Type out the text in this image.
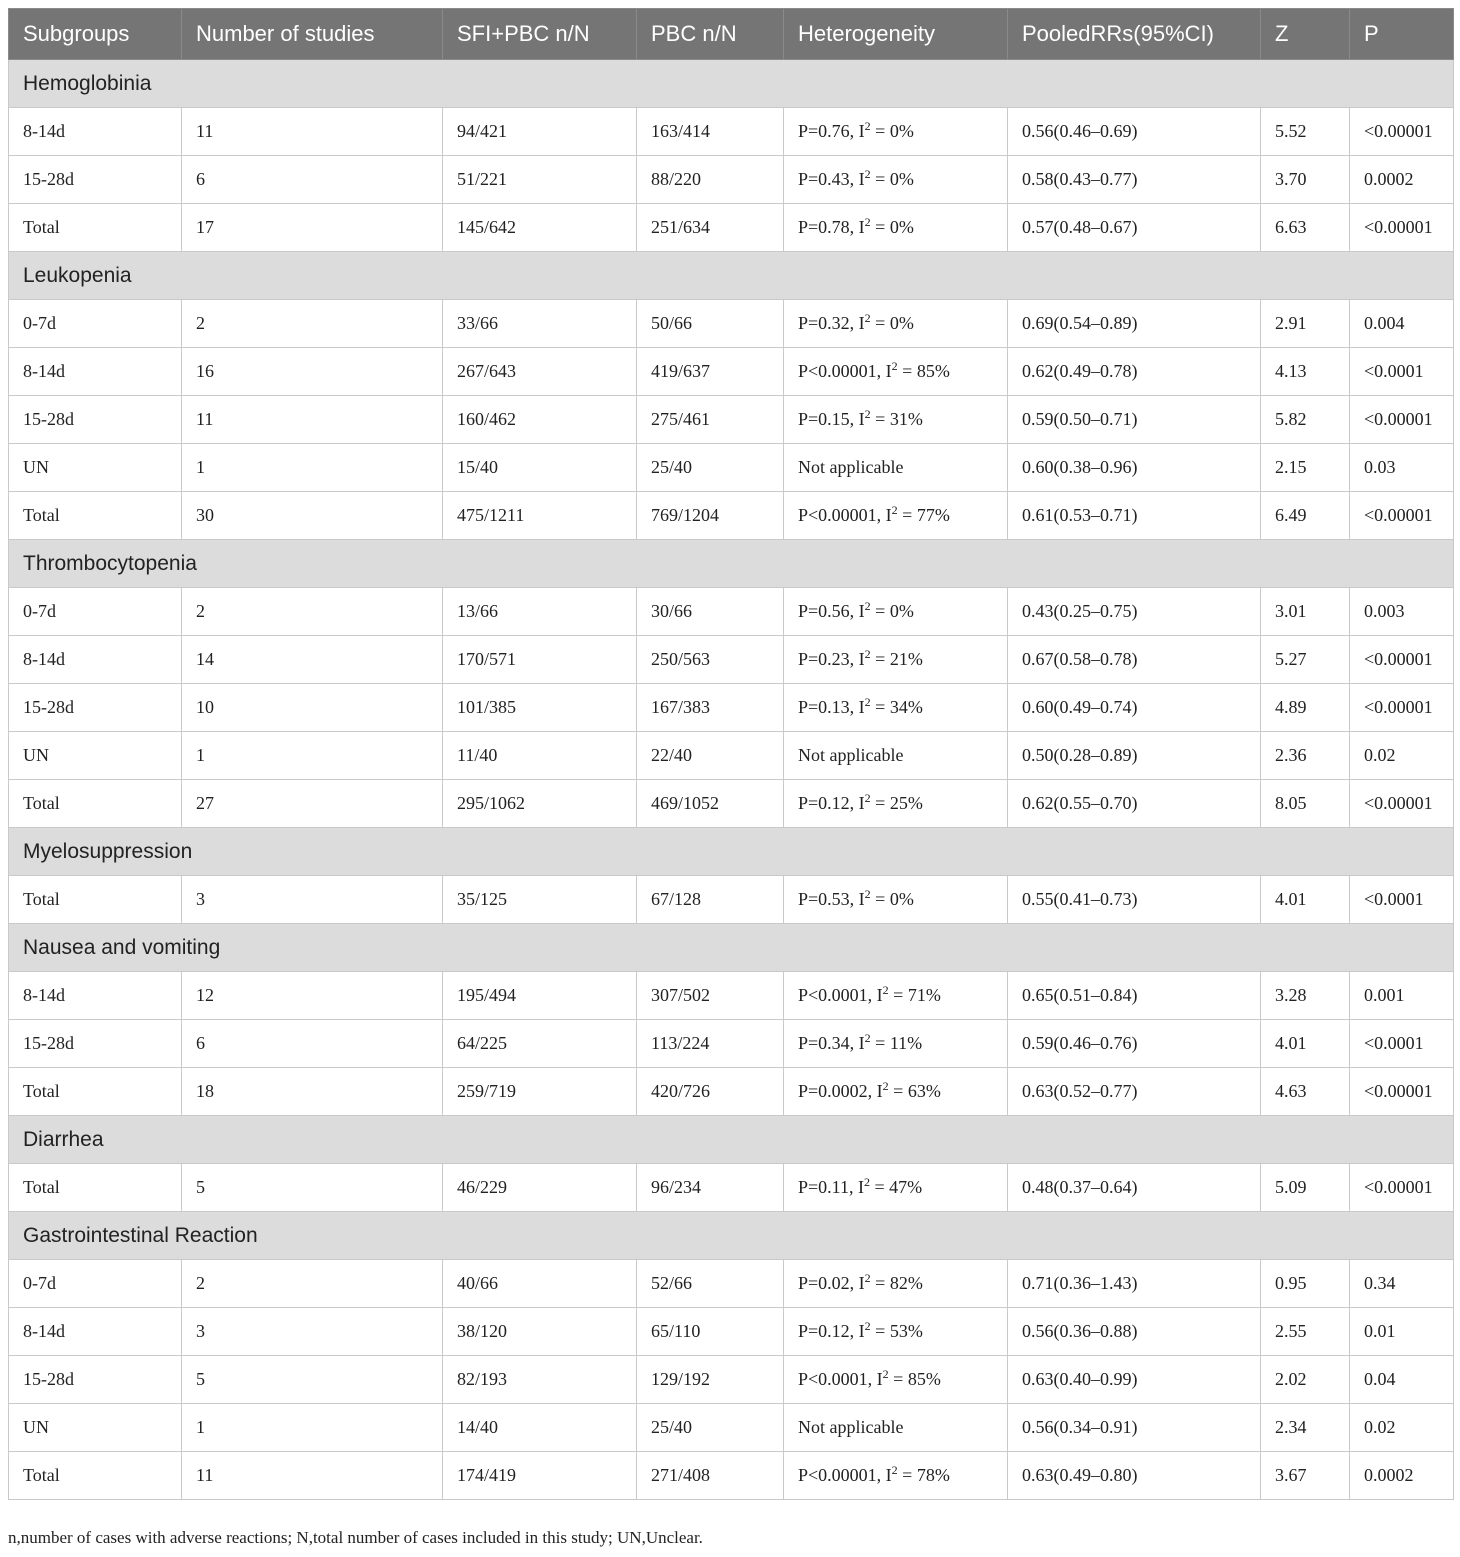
Subgroups	Number of studies	SFI+PBC n/N	PBC n/N	Heterogeneity	PooledRRs(95%CI)	Z	P
Hemoglobinia							
8-14d	11	94/421	163/414	P=0.76, $I^2 = 0\%$	0.56(0.46–0.69)	5.52	<0.00001
15-28d	6	51/221	88/220	P=0.43, $I^2 = 0\%$	0.58(0.43–0.77)	3.70	0.0002
Total	17	145/642	251/634	P=0.78, $I^2 = 0\%$	0.57(0.48–0.67)	6.63	<0.00001
Leukopenia							
0-7d	2	33/66	50/66	P=0.32, $I^2 = 0\%$	0.69(0.54–0.89)	2.91	0.004
8-14d	16	267/643	419/637	P<0.00001, $I^2 = 85\%$	0.62(0.49–0.78)	4.13	<0.0001
15-28d	11	160/462	275/461	P=0.15, $I^2 = 31\%$	0.59(0.50–0.71)	5.82	<0.00001
UN	1	15/40	25/40	Not applicable	0.60(0.38–0.96)	2.15	0.03
Total	30	475/1211	769/1204	P<0.00001, $I^2 = 77\%$	0.61(0.53–0.71)	6.49	<0.00001
Thrombocytopenia							
0-7d	2	13/66	30/66	P=0.56, $I^2 = 0\%$	0.43(0.25–0.75)	3.01	0.003
8-14d	14	170/571	250/563	P=0.23, $I^2 = 21\%$	0.67(0.58–0.78)	5.27	<0.00001
15-28d	10	101/385	167/383	P=0.13, $I^2 = 34\%$	0.60(0.49–0.74)	4.89	<0.00001
UN	1	11/40	22/40	Not applicable	0.50(0.28–0.89)	2.36	0.02
Total	27	295/1062	469/1052	P=0.12, $I^2 = 25\%$	0.62(0.55–0.70)	8.05	<0.00001
Myelosuppression							
Total	3	35/125	67/128	P=0.53, $I^2 = 0\%$	0.55(0.41–0.73)	4.01	<0.0001
Nausea and vomiting							
8-14d	12	195/494	307/502	P<0.0001, $I^2 = 71\%$	0.65(0.51–0.84)	3.28	0.001
15-28d	6	64/225	113/224	P=0.34, $I^2 = 11\%$	0.59(0.46–0.76)	4.01	<0.0001
Total	18	259/719	420/726	P=0.0002, $I^2 = 63\%$	0.63(0.52–0.77)	4.63	<0.00001
Diarrhea							
Total	5	46/229	96/234	P=0.11, $I^2 = 47\%$	0.48(0.37–0.64)	5.09	<0.00001
Gastrointestinal Reaction							
0-7d	2	40/66	52/66	P=0.02, $I^2 = 82\%$	0.71(0.36–1.43)	0.95	0.34
8-14d	3	38/120	65/110	P=0.12, $I^2 = 53\%$	0.56(0.36–0.88)	2.55	0.01
15-28d	5	82/193	129/192	P<0.0001, $I^2 = 85\%$	0.63(0.40–0.99)	2.02	0.04
UN	1	14/40	25/40	Not applicable	0.56(0.34–0.91)	2.34	0.02
Total	11	174/419	271/408	P<0.00001, $I^2 = 78\%$	0.63(0.49–0.80)	3.67	0.0002
n,number of cases with adverse reactions; N,total number of cases included in this study; UN,Unclear.
